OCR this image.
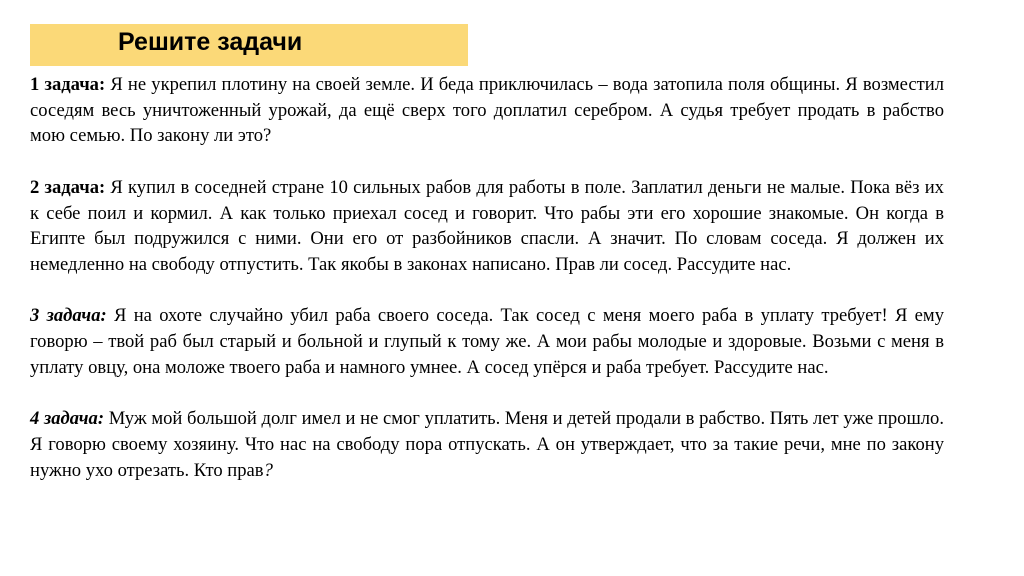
Решите задачи

1 задача: Я не укрепил плотину на своей земле. И беда приключилась – вода затопила поля общины. Я возместил соседям весь уничтоженный урожай, да ещё сверх того доплатил серебром. А судья требует продать в рабство мою семью. По закону ли это?

2 задача: Я купил в соседней стране 10 сильных рабов для работы в поле. Заплатил деньги не малые. Пока вёз их к себе поил и кормил. А как только приехал сосед и говорит. Что рабы эти его хорошие знакомые. Он когда в Египте был подружился с ними. Они его от разбойников спасли. А значит. По словам соседа. Я должен их немедленно на свободу отпустить. Так якобы в законах написано. Прав ли сосед. Рассудите нас.

3 задача: Я на охоте случайно убил раба своего соседа. Так сосед с меня моего раба в уплату требует! Я ему говорю – твой раб был старый и больной и глупый к тому же. А мои рабы молодые и здоровые. Возьми с меня в уплату овцу, она моложе твоего раба и намного умнее. А сосед упёрся и раба требует. Рассудите нас.

4 задача: Муж мой большой долг имел и не смог уплатить. Меня и детей продали в рабство. Пять лет уже прошло. Я говорю своему хозяину. Что нас на свободу пора отпускать. А он утверждает, что за такие речи, мне по закону нужно ухо отрезать. Кто прав?
